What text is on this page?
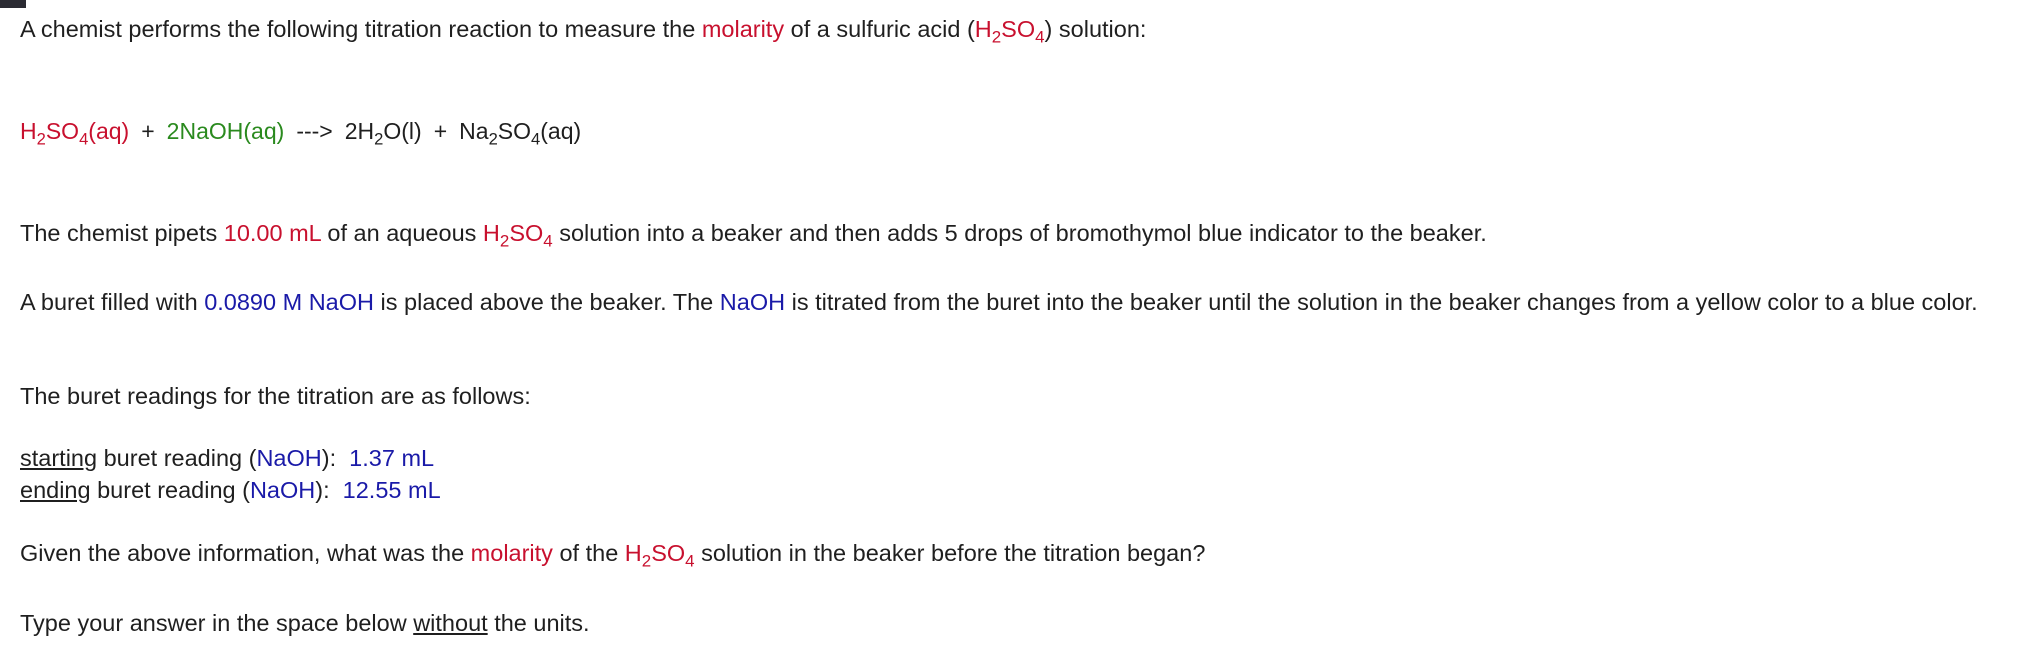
A chemist performs the following titration reaction to measure the molarity of a sulfuric acid $(H_2SO_4)$ solution:
$H_2SO_4(aq)$ + 2NaOH(aq) ---> $2H_2O(l) + Na_2SO_4(aq)$
The chemist pipets 10.00 mL of an aqueous $H_2SO_4$ solution into a beaker and then adds 5 drops of bromothymol blue indicator to the beaker.
A buret filled with 0.0890 M NaOH is placed above the beaker. The NaOH is titrated from the buret into the beaker until the solution in the beaker changes from a yellow color to a blue color.
The buret readings for the titration are as follows:
starting buret reading (NaOH): 1.37 mL
ending buret reading (NaOH): 12.55 mL
Given the above information, what was the molarity of the $H_2SO_4$ solution in the beaker before the titration began?
Type your answer in the space below without the units.
